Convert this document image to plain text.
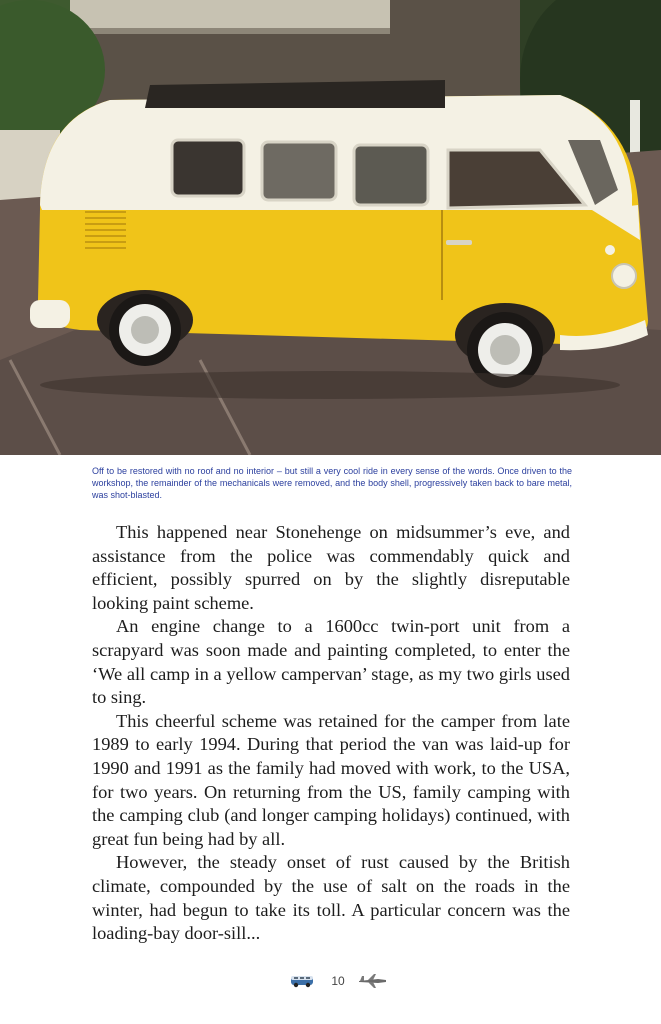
Off to be restored with no roof and no interior – but still a very cool ride in every sense of the words. Once driven to the workshop, the remainder of the mechanicals were removed, and the body shell, progressively taken back to bare metal, was shot-blasted.

This happened near Stonehenge on midsummer’s eve, and assistance from the police was commendably quick and efficient, possibly spurred on by the slightly disreputable looking paint scheme.

An engine change to a 1600cc twin-port unit from a scrapyard was soon made and painting completed, to enter the ‘We all camp in a yellow campervan’ stage, as my two girls used to sing.

This cheerful scheme was retained for the camper from late 1989 to early 1994. During that period the van was laid-up for 1990 and 1991 as the family had moved with work, to the USA, for two years. On returning from the US, family camping with the camping club (and longer camping holidays) continued, with great fun being had by all.

However, the steady onset of rust caused by the British climate, compounded by the use of salt on the roads in the winter, had begun to take its toll. A particular concern was the loading-bay door-sill...

10
